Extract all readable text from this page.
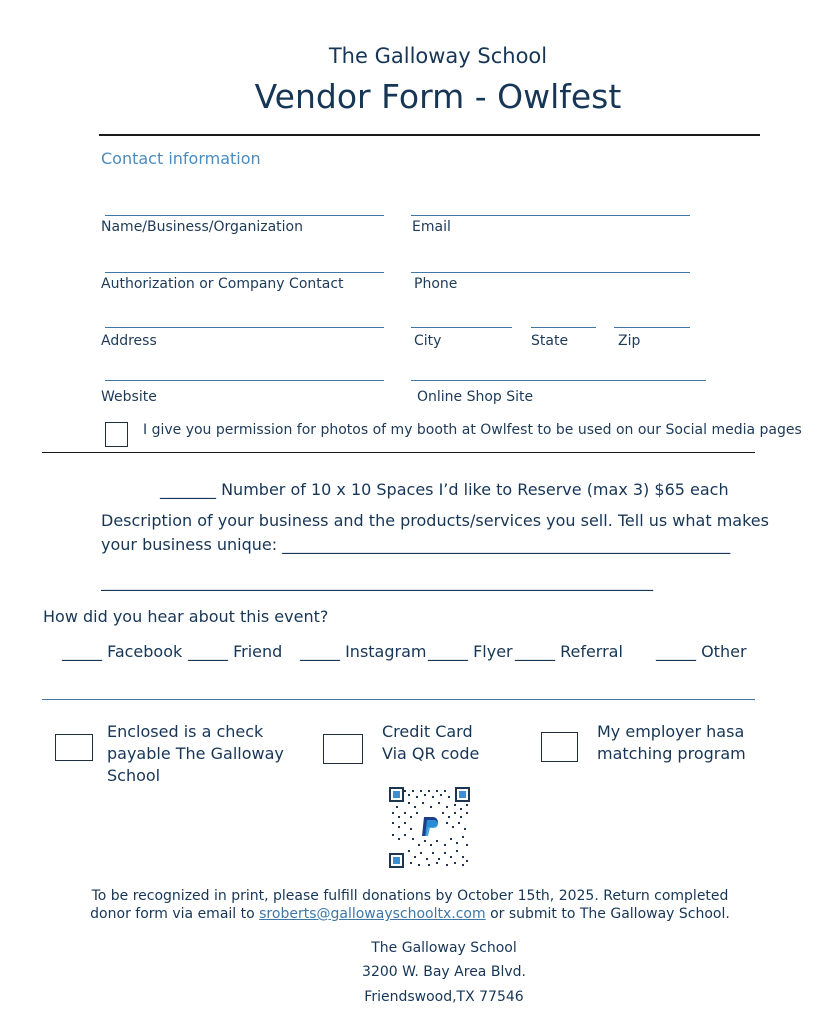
The Galloway School
Vendor Form - Owlfest
Contact information
Name/Business/Organization	Email
Authorization or Company Contact	Phone
Address	City	State	Zip
Website	Online Shop Site
I give you permission for photos of my booth at Owlfest to be used on our Social media pages
_______ Number of 10 x 10 Spaces I’d like to Reserve (max 3) $65 each
Description of your business and the products/services you sell. Tell us what makes your business unique: ________________________________________________________
_____________________________________________________________________
How did you hear about this event?
_____ Facebook _____ Friend _____ Instagram _____ Flyer _____ Referral _____ Other
Enclosed is a check payable The Galloway School
Credit Card Via QR code
My employer hasa matching program
To be recognized in print, please fulfill donations by October 15th, 2025. Return completed donor form via email to sroberts@gallowayschooltx.com or submit to The Galloway School.
The Galloway School
3200 W. Bay Area Blvd.
Friendswood,TX 77546
